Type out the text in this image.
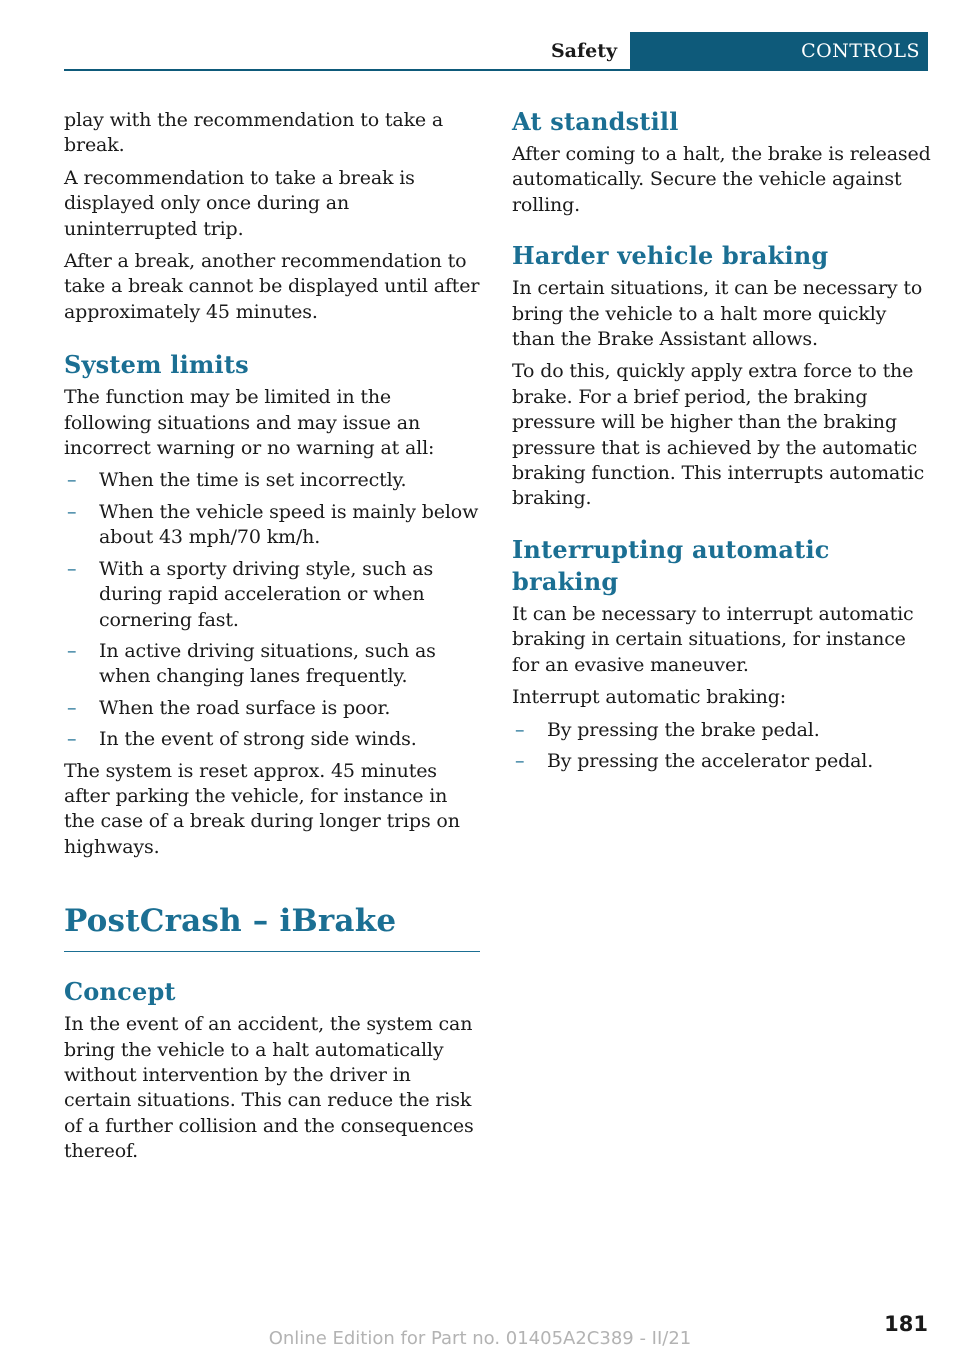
Safety	CONTROLS

play with the recommendation to take a break.

A recommendation to take a break is displayed only once during an uninterrupted trip.

After a break, another recommendation to take a break cannot be displayed until after approximately 45 minutes.

System limits

The function may be limited in the following situations and may issue an incorrect warning or no warning at all:

– When the time is set incorrectly.
– When the vehicle speed is mainly below about 43 mph/70 km/h.
– With a sporty driving style, such as during rapid acceleration or when cornering fast.
– In active driving situations, such as when changing lanes frequently.
– When the road surface is poor.
– In the event of strong side winds.

The system is reset approx. 45 minutes after parking the vehicle, for instance in the case of a break during longer trips on highways.

PostCrash – iBrake
Concept

In the event of an accident, the system can bring the vehicle to a halt automatically without intervention by the driver in certain situations. This can reduce the risk of a further collision and the consequences thereof.

At standstill

After coming to a halt, the brake is released automatically. Secure the vehicle against rolling.

Harder vehicle braking

In certain situations, it can be necessary to bring the vehicle to a halt more quickly than the Brake Assistant allows.

To do this, quickly apply extra force to the brake. For a brief period, the braking pressure will be higher than the braking pressure that is achieved by the automatic braking function. This interrupts automatic braking.

Interrupting automatic braking

It can be necessary to interrupt automatic braking in certain situations, for instance for an evasive maneuver.

Interrupt automatic braking:

– By pressing the brake pedal.
– By pressing the accelerator pedal.
181
Online Edition for Part no. 01405A2C389 - II/21
